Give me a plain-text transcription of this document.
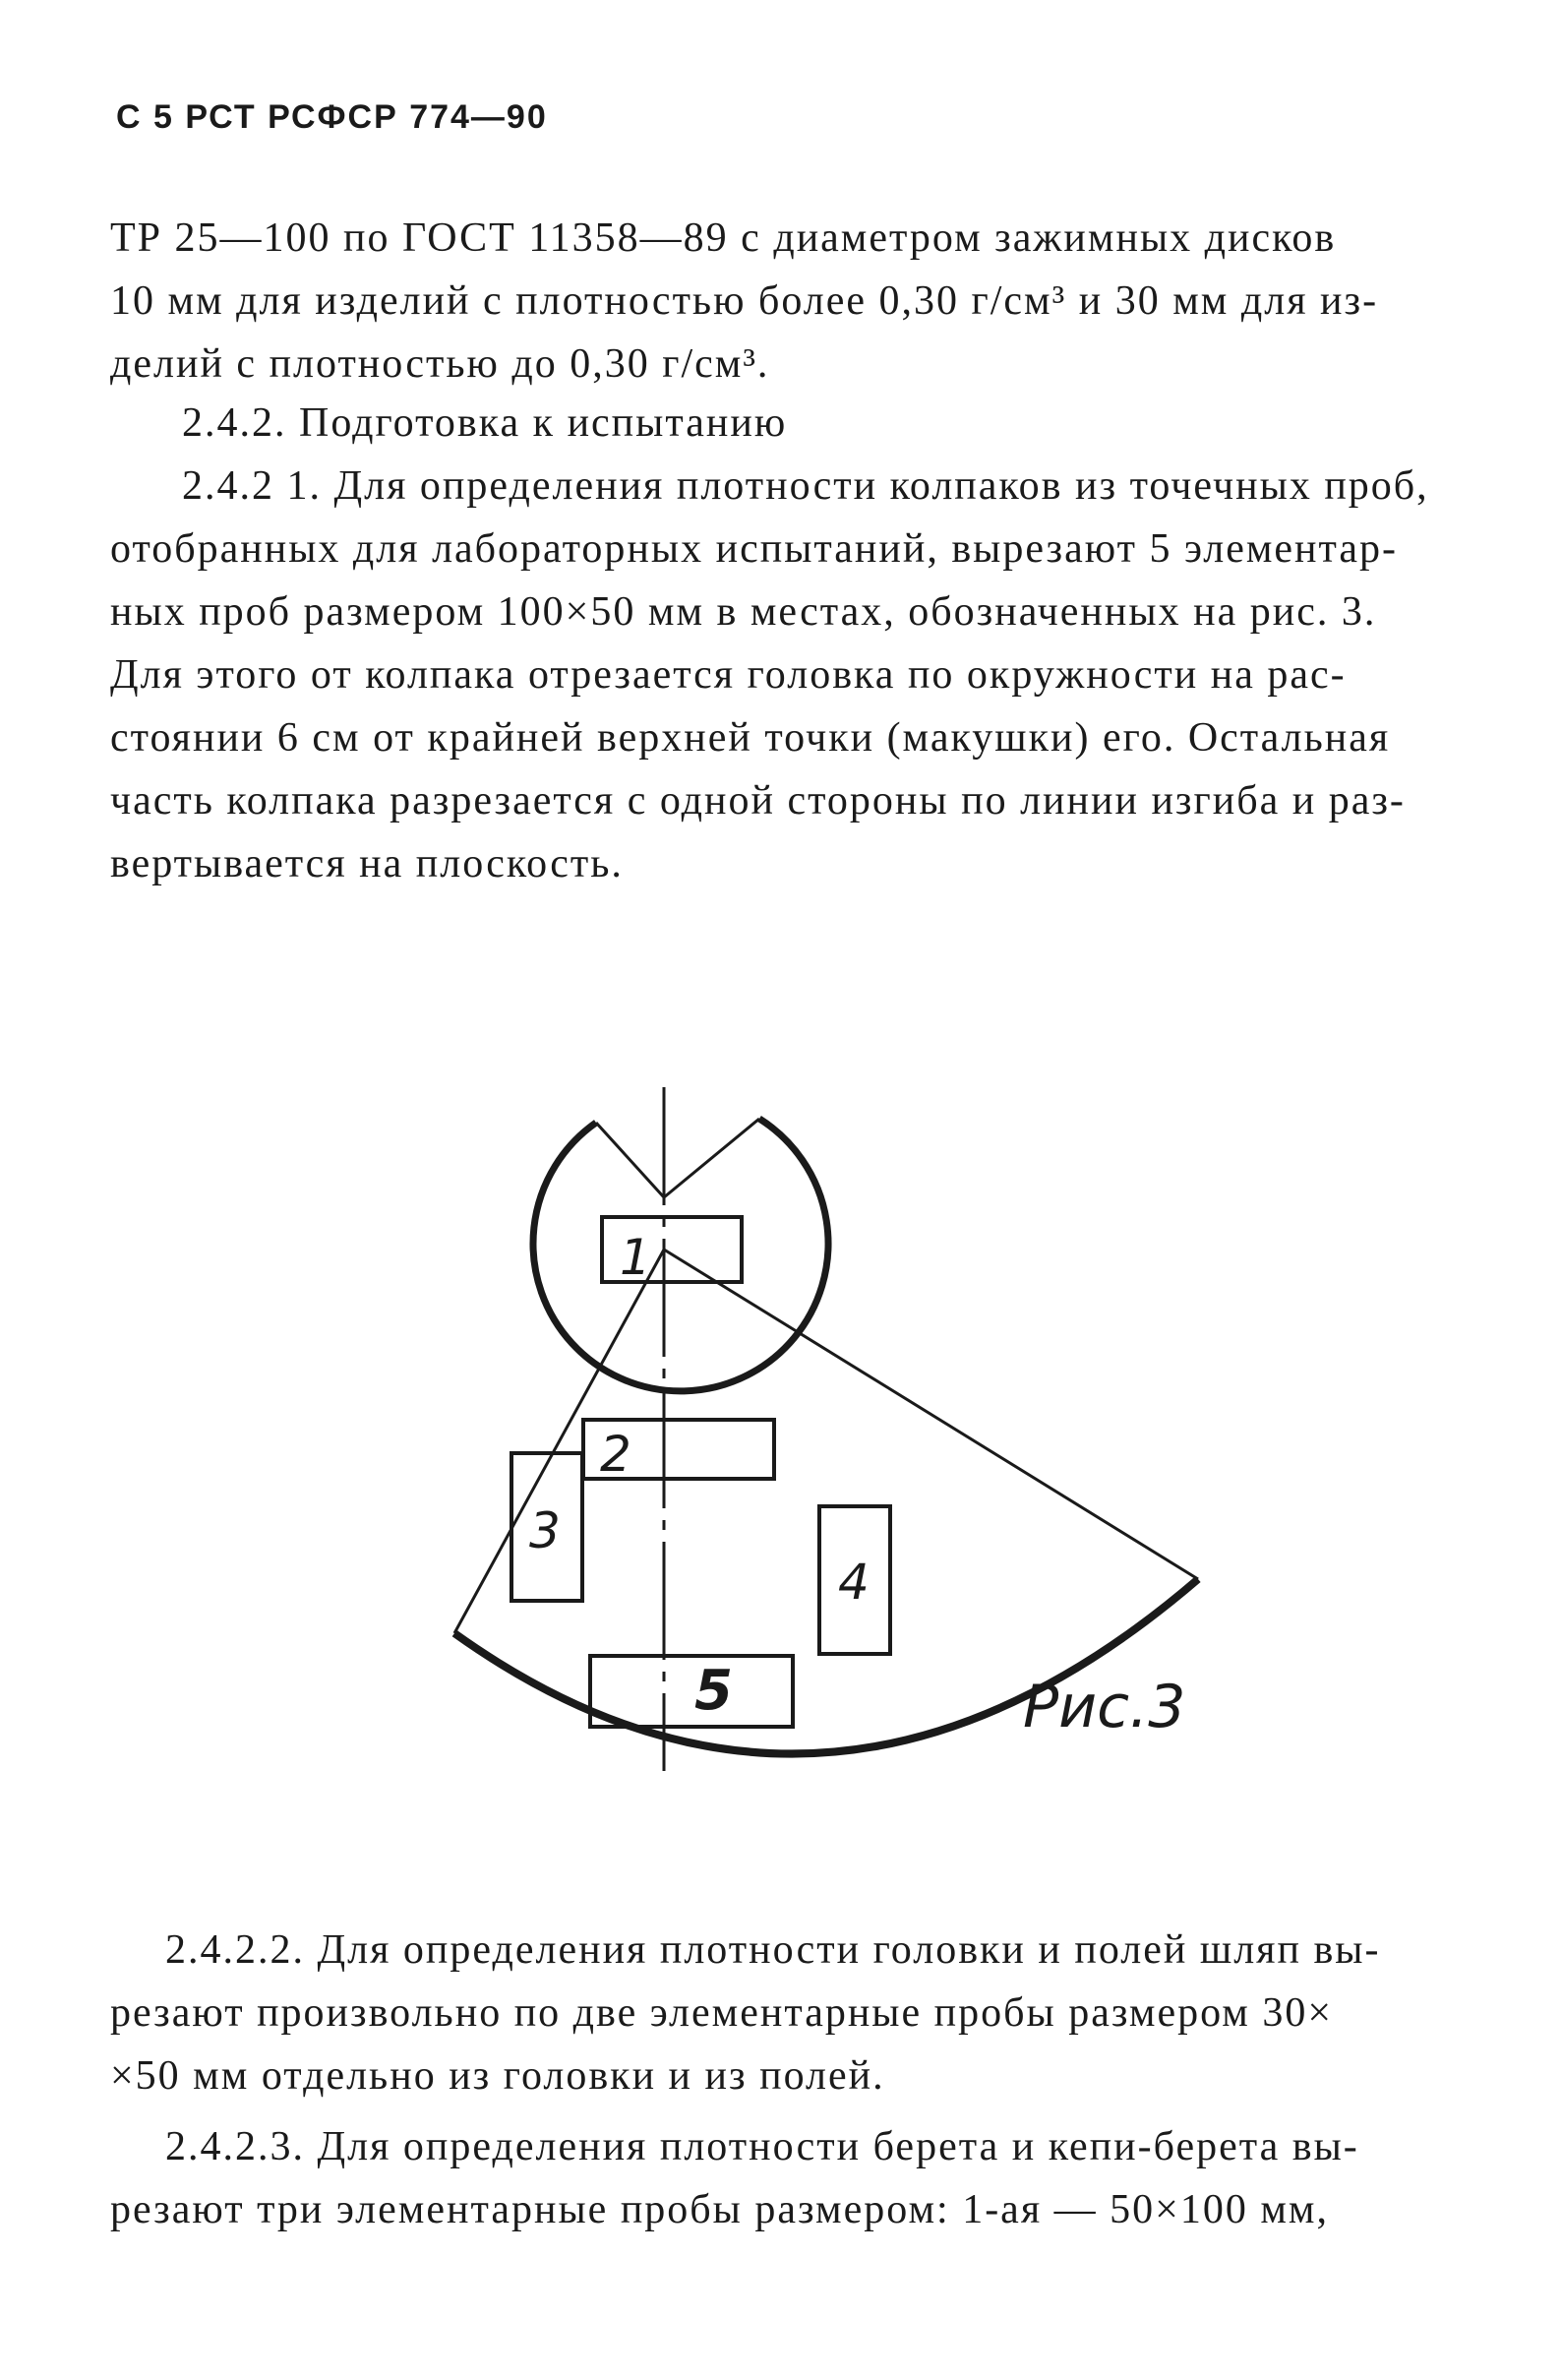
С 5 РСТ РСФСР 774—90
ТР 25—100 по ГОСТ 11358—89 с диаметром зажимных дисков
10 мм для изделий с плотностью более 0,30 г/см³ и 30 мм для из-
делий с плотностью до 0,30 г/см³.
2.4.2. Подготовка к испытанию
2.4.2 1. Для определения плотности колпаков из точечных проб,
отобранных для лабораторных испытаний, вырезают 5 элементар-
ных проб размером 100×50 мм в местах, обозначенных на рис. 3.
Для этого от колпака отрезается головка по окружности на рас-
стоянии 6 см от крайней верхней точки (макушки) его. Остальная
часть колпака разрезается с одной стороны по линии изгиба и раз-
вертывается на плоскость.
1
2
3
4
5	Рис.3
2.4.2.2. Для определения плотности головки и полей шляп вы-
резают произвольно по две элементарные пробы размером 30×
×50 мм отдельно из головки и из полей.
2.4.2.3. Для определения плотности берета и кепи-берета вы-
резают три элементарные пробы размером: 1-ая — 50×100 мм,
